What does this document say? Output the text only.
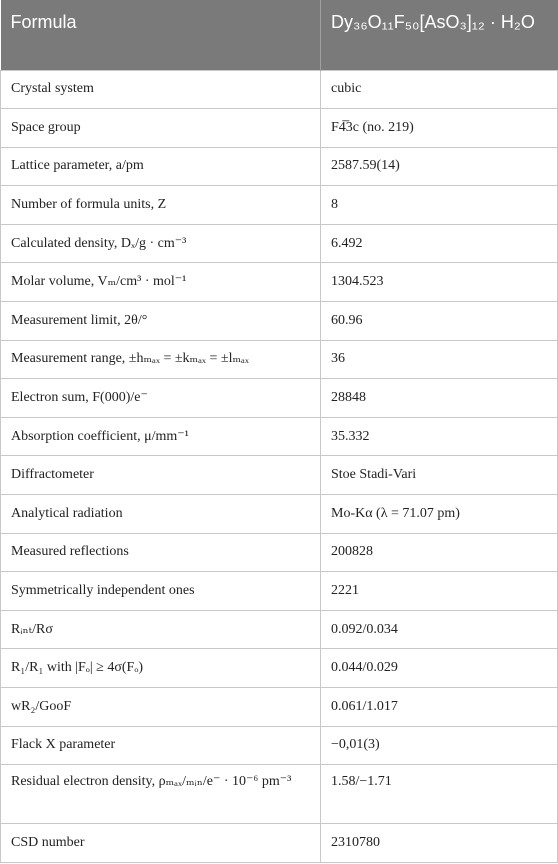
Formula	Dy₃₆O₁₁F₅₀[AsO₃]₁₂ · H₂O
Crystal system	cubic
Space group	F4̅3c (no. 219)
Lattice parameter, a/pm	2587.59(14)
Number of formula units, Z	8
Calculated density, Dₓ/g · cm⁻³	6.492
Molar volume, Vₘ/cm³ · mol⁻¹	1304.523
Measurement limit, 2θ/°	60.96
Measurement range, ±hₘₐₓ = ±kₘₐₓ = ±lₘₐₓ	36
Electron sum, F(000)/e⁻	28848
Absorption coefficient, μ/mm⁻¹	35.332
Diffractometer	Stoe Stadi-Vari
Analytical radiation	Mo-Kα (λ = 71.07 pm)
Measured reflections	200828
Symmetrically independent ones	2221
Rᵢₙₜ/Rσ	0.092/0.034
R₁/R₁ with |Fₒ| ≥ 4σ(Fₒ)	0.044/0.029
wR₂/GooF	0.061/1.017
Flack X parameter	−0,01(3)
Residual electron density, ρₘₐₓ/ₘᵢₙ/e⁻ · 10⁻⁶ pm⁻³	1.58/−1.71
CSD number	2310780
